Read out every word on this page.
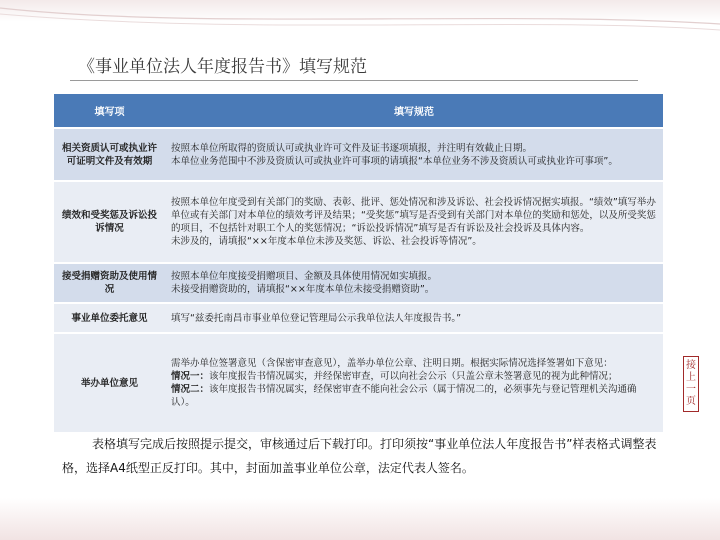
《事业单位法人年度报告书》填写规范
填写项	填写规范
相关资质认可或执业许可证明文件及有效期	按照本单位所取得的资质认可或执业许可文件及证书逐项填报，并注明有效截止日期。
本单位业务范围中不涉及资质认可或执业许可事项的请填报“本单位业务不涉及资质认可或执业许可事项”。

绩效和受奖惩及诉讼投诉情况	按照本单位年度受到有关部门的奖励、表彰、批评、惩处情况和涉及诉讼、社会投诉情况据实填报。“绩效”填写举办单位或有关部门对本单位的绩效考评及结果；“受奖惩”填写是否受到有关部门对本单位的奖励和惩处，以及所受奖惩的项目，不包括针对职工个人的奖惩情况；“诉讼投诉情况”填写是否有诉讼及社会投诉及具体内容。
未涉及的，请填报“××年度本单位未涉及奖惩、诉讼、社会投诉等情况”。

接受捐赠资助及使用情况	按照本单位年度接受捐赠项目、金额及具体使用情况如实填报。
未接受捐赠资助的，请填报“××年度本单位未接受捐赠资助”。

事业单位委托意见	填写“兹委托南昌市事业单位登记管理局公示我单位法人年度报告书。”

举办单位意见	需举办单位签署意见（含保密审查意见），盖举办单位公章、注明日期。根据实际情况选择签署如下意见：
情况一：该年度报告书情况属实，并经保密审查，可以向社会公示（只盖公章未签署意见的视为此种情况；
情况二：该年度报告书情况属实，经保密审查不能向社会公示（属于情况二的，必须事先与登记管理机关沟通确认）。
接
上
一
页
表格填写完成后按照提示提交，审核通过后下载打印。打印须按“事业单位法人年度报告书”样表格式调整表格，选择A4纸型正反打印。其中，封面加盖事业单位公章，法定代表人签名。
